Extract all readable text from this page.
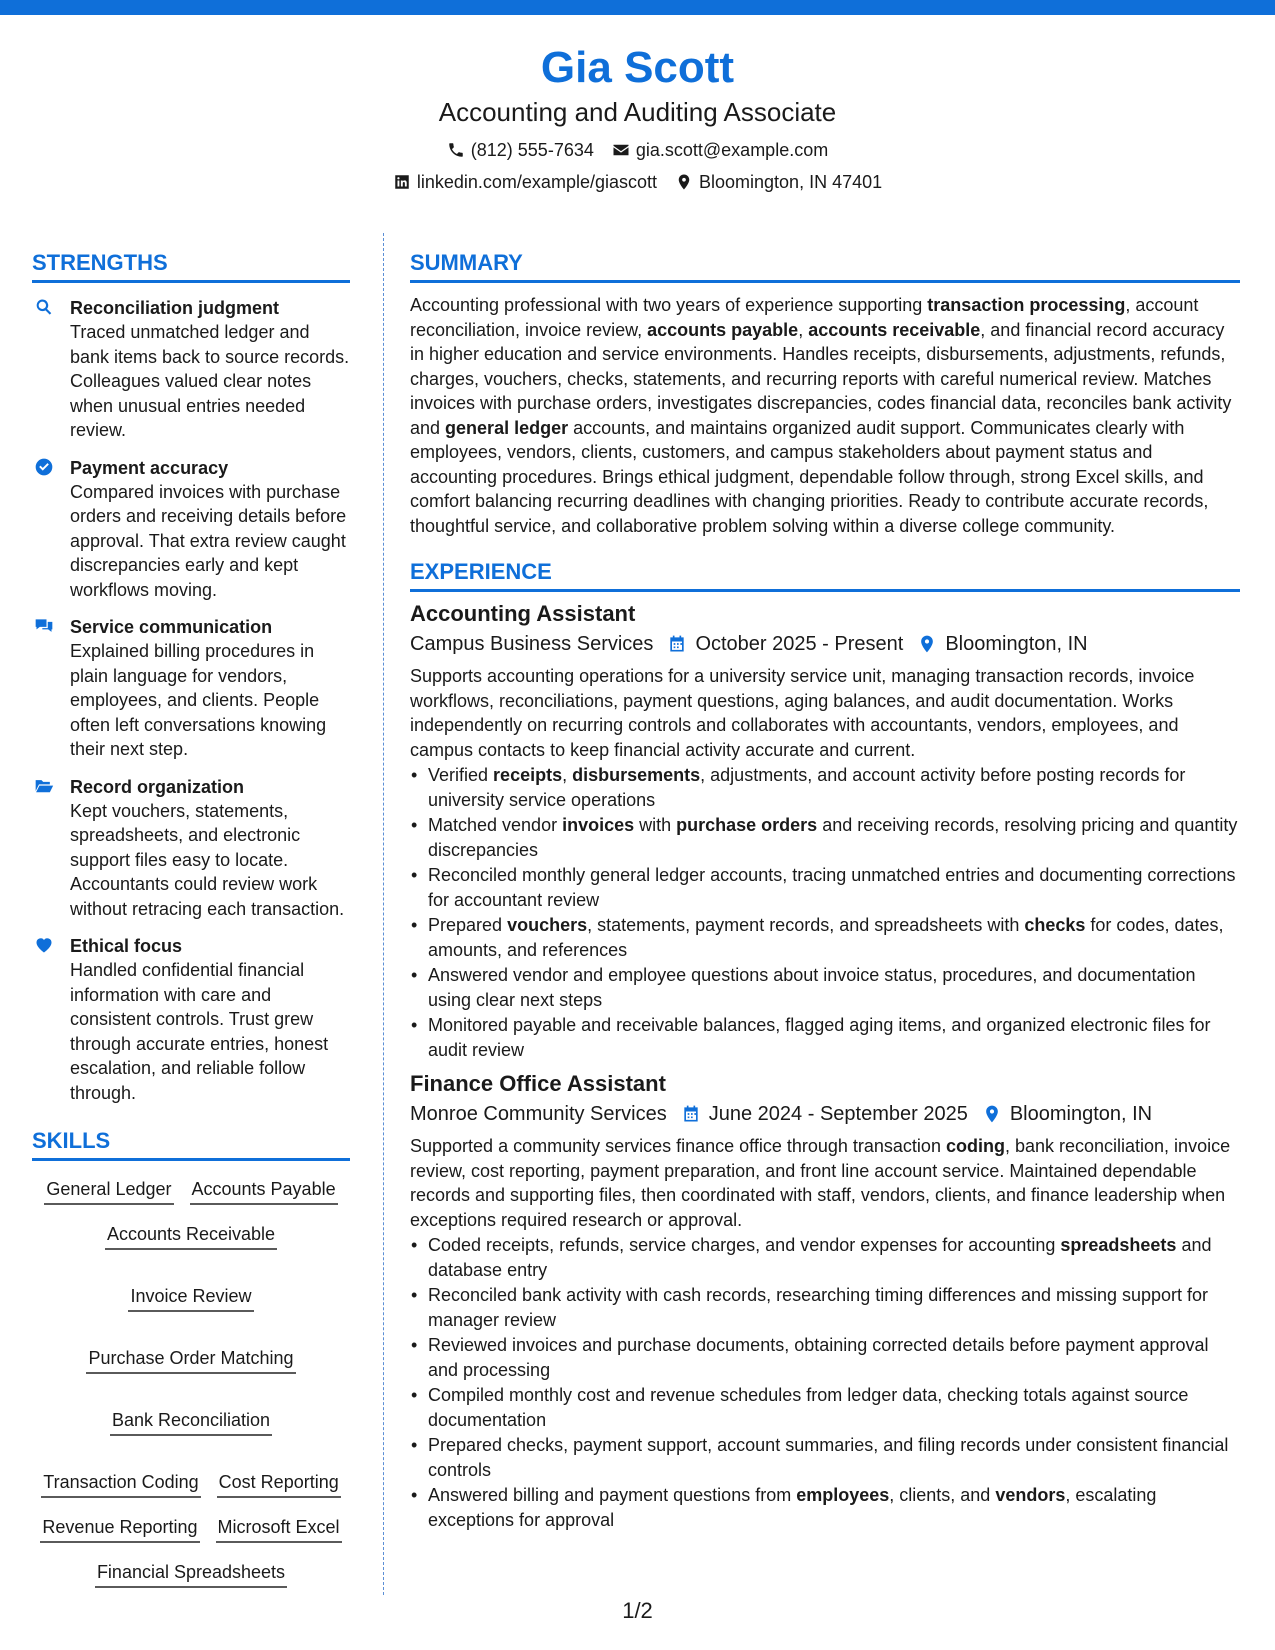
Gia Scott
Accounting and Auditing Associate
(812) 555-7634 gia.scott@example.com
linkedin.com/example/giascott Bloomington, IN 47401
STRENGTHS
Reconciliation judgment
Traced unmatched ledger and bank items back to source records. Colleagues valued clear notes when unusual entries needed review.
Payment accuracy
Compared invoices with purchase orders and receiving details before approval. That extra review caught discrepancies early and kept workflows moving.
Service communication
Explained billing procedures in plain language for vendors, employees, and clients. People often left conversations knowing their next step.
Record organization
Kept vouchers, statements, spreadsheets, and electronic support files easy to locate. Accountants could review work without retracing each transaction.
Ethical focus
Handled confidential financial information with care and consistent controls. Trust grew through accurate entries, honest escalation, and reliable follow through.
SKILLS
General Ledger Accounts Payable
Accounts Receivable
Invoice Review
Purchase Order Matching
Bank Reconciliation
Transaction Coding Cost Reporting
Revenue Reporting Microsoft Excel
Financial Spreadsheets
SUMMARY
Accounting professional with two years of experience supporting transaction processing, account reconciliation, invoice review, accounts payable, accounts receivable, and financial record accuracy in higher education and service environments. Handles receipts, disbursements, adjustments, refunds, charges, vouchers, checks, statements, and recurring reports with careful numerical review. Matches invoices with purchase orders, investigates discrepancies, codes financial data, reconciles bank activity and general ledger accounts, and maintains organized audit support. Communicates clearly with employees, vendors, clients, customers, and campus stakeholders about payment status and accounting procedures. Brings ethical judgment, dependable follow through, strong Excel skills, and comfort balancing recurring deadlines with changing priorities. Ready to contribute accurate records, thoughtful service, and collaborative problem solving within a diverse college community.
EXPERIENCE
Accounting Assistant
Campus Business Services October 2025 - Present Bloomington, IN
Supports accounting operations for a university service unit, managing transaction records, invoice workflows, reconciliations, payment questions, aging balances, and audit documentation. Works independently on recurring controls and collaborates with accountants, vendors, employees, and campus contacts to keep financial activity accurate and current.
• Verified receipts, disbursements, adjustments, and account activity before posting records for university service operations
• Matched vendor invoices with purchase orders and receiving records, resolving pricing and quantity discrepancies
• Reconciled monthly general ledger accounts, tracing unmatched entries and documenting corrections for accountant review
• Prepared vouchers, statements, payment records, and spreadsheets with checks for codes, dates, amounts, and references
• Answered vendor and employee questions about invoice status, procedures, and documentation using clear next steps
• Monitored payable and receivable balances, flagged aging items, and organized electronic files for audit review
Finance Office Assistant
Monroe Community Services June 2024 - September 2025 Bloomington, IN
Supported a community services finance office through transaction coding, bank reconciliation, invoice review, cost reporting, payment preparation, and front line account service. Maintained dependable records and supporting files, then coordinated with staff, vendors, clients, and finance leadership when exceptions required research or approval.
• Coded receipts, refunds, service charges, and vendor expenses for accounting spreadsheets and database entry
• Reconciled bank activity with cash records, researching timing differences and missing support for manager review
• Reviewed invoices and purchase documents, obtaining corrected details before payment approval and processing
• Compiled monthly cost and revenue schedules from ledger data, checking totals against source documentation
• Prepared checks, payment support, account summaries, and filing records under consistent financial controls
• Answered billing and payment questions from employees, clients, and vendors, escalating exceptions for approval
1/2
